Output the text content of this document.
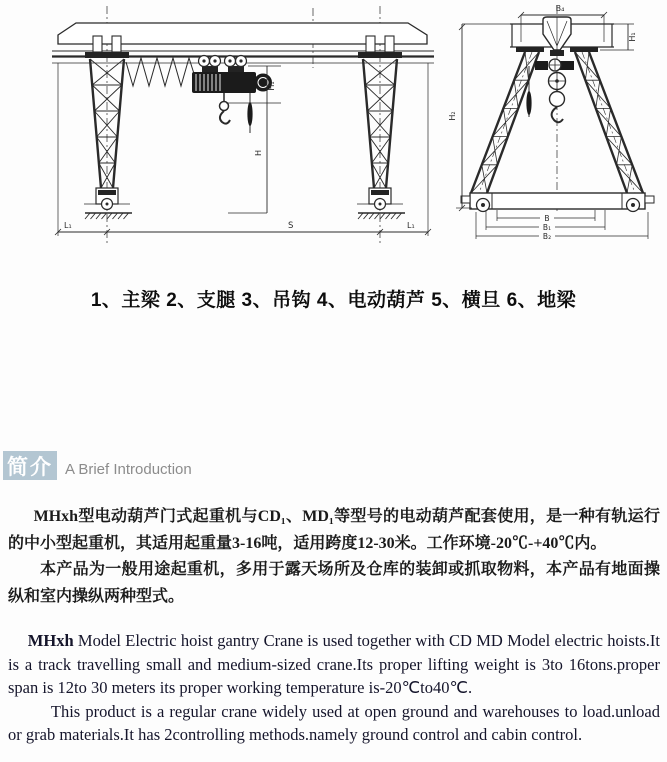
H₁
H
L₁	S	L₁
B₄
H₁
H₂
B
B₁
B₂
1、主梁 2、支腿 3、吊钩 4、电动葫芦 5、横旦 6、地梁
简介 A Brief Introduction

MHxh型电动葫芦门式起重机与CD₁、MD₁等型号的电动葫芦配套使用，是一种有轨运行的中小型起重机，其适用起重量3-16吨，适用跨度12-30米。工作环境-20℃-+40℃内。

本产品为一般用途起重机，多用于露天场所及仓库的装卸或抓取物料，本产品有地面操纵和室内操纵两种型式。

MHxh Model Electric hoist gantry Crane is used together with CD MD Model electric hoists.It is a track travelling small and medium-sized crane.Its proper lifting weight is 3to 16tons.proper span is 12to 30 meters its proper working temperature is-20℃to40℃.

This product is a regular crane widely used at open ground and warehouses to load.unload or grab materials.It has 2controlling methods.namely ground control and cabin control.
